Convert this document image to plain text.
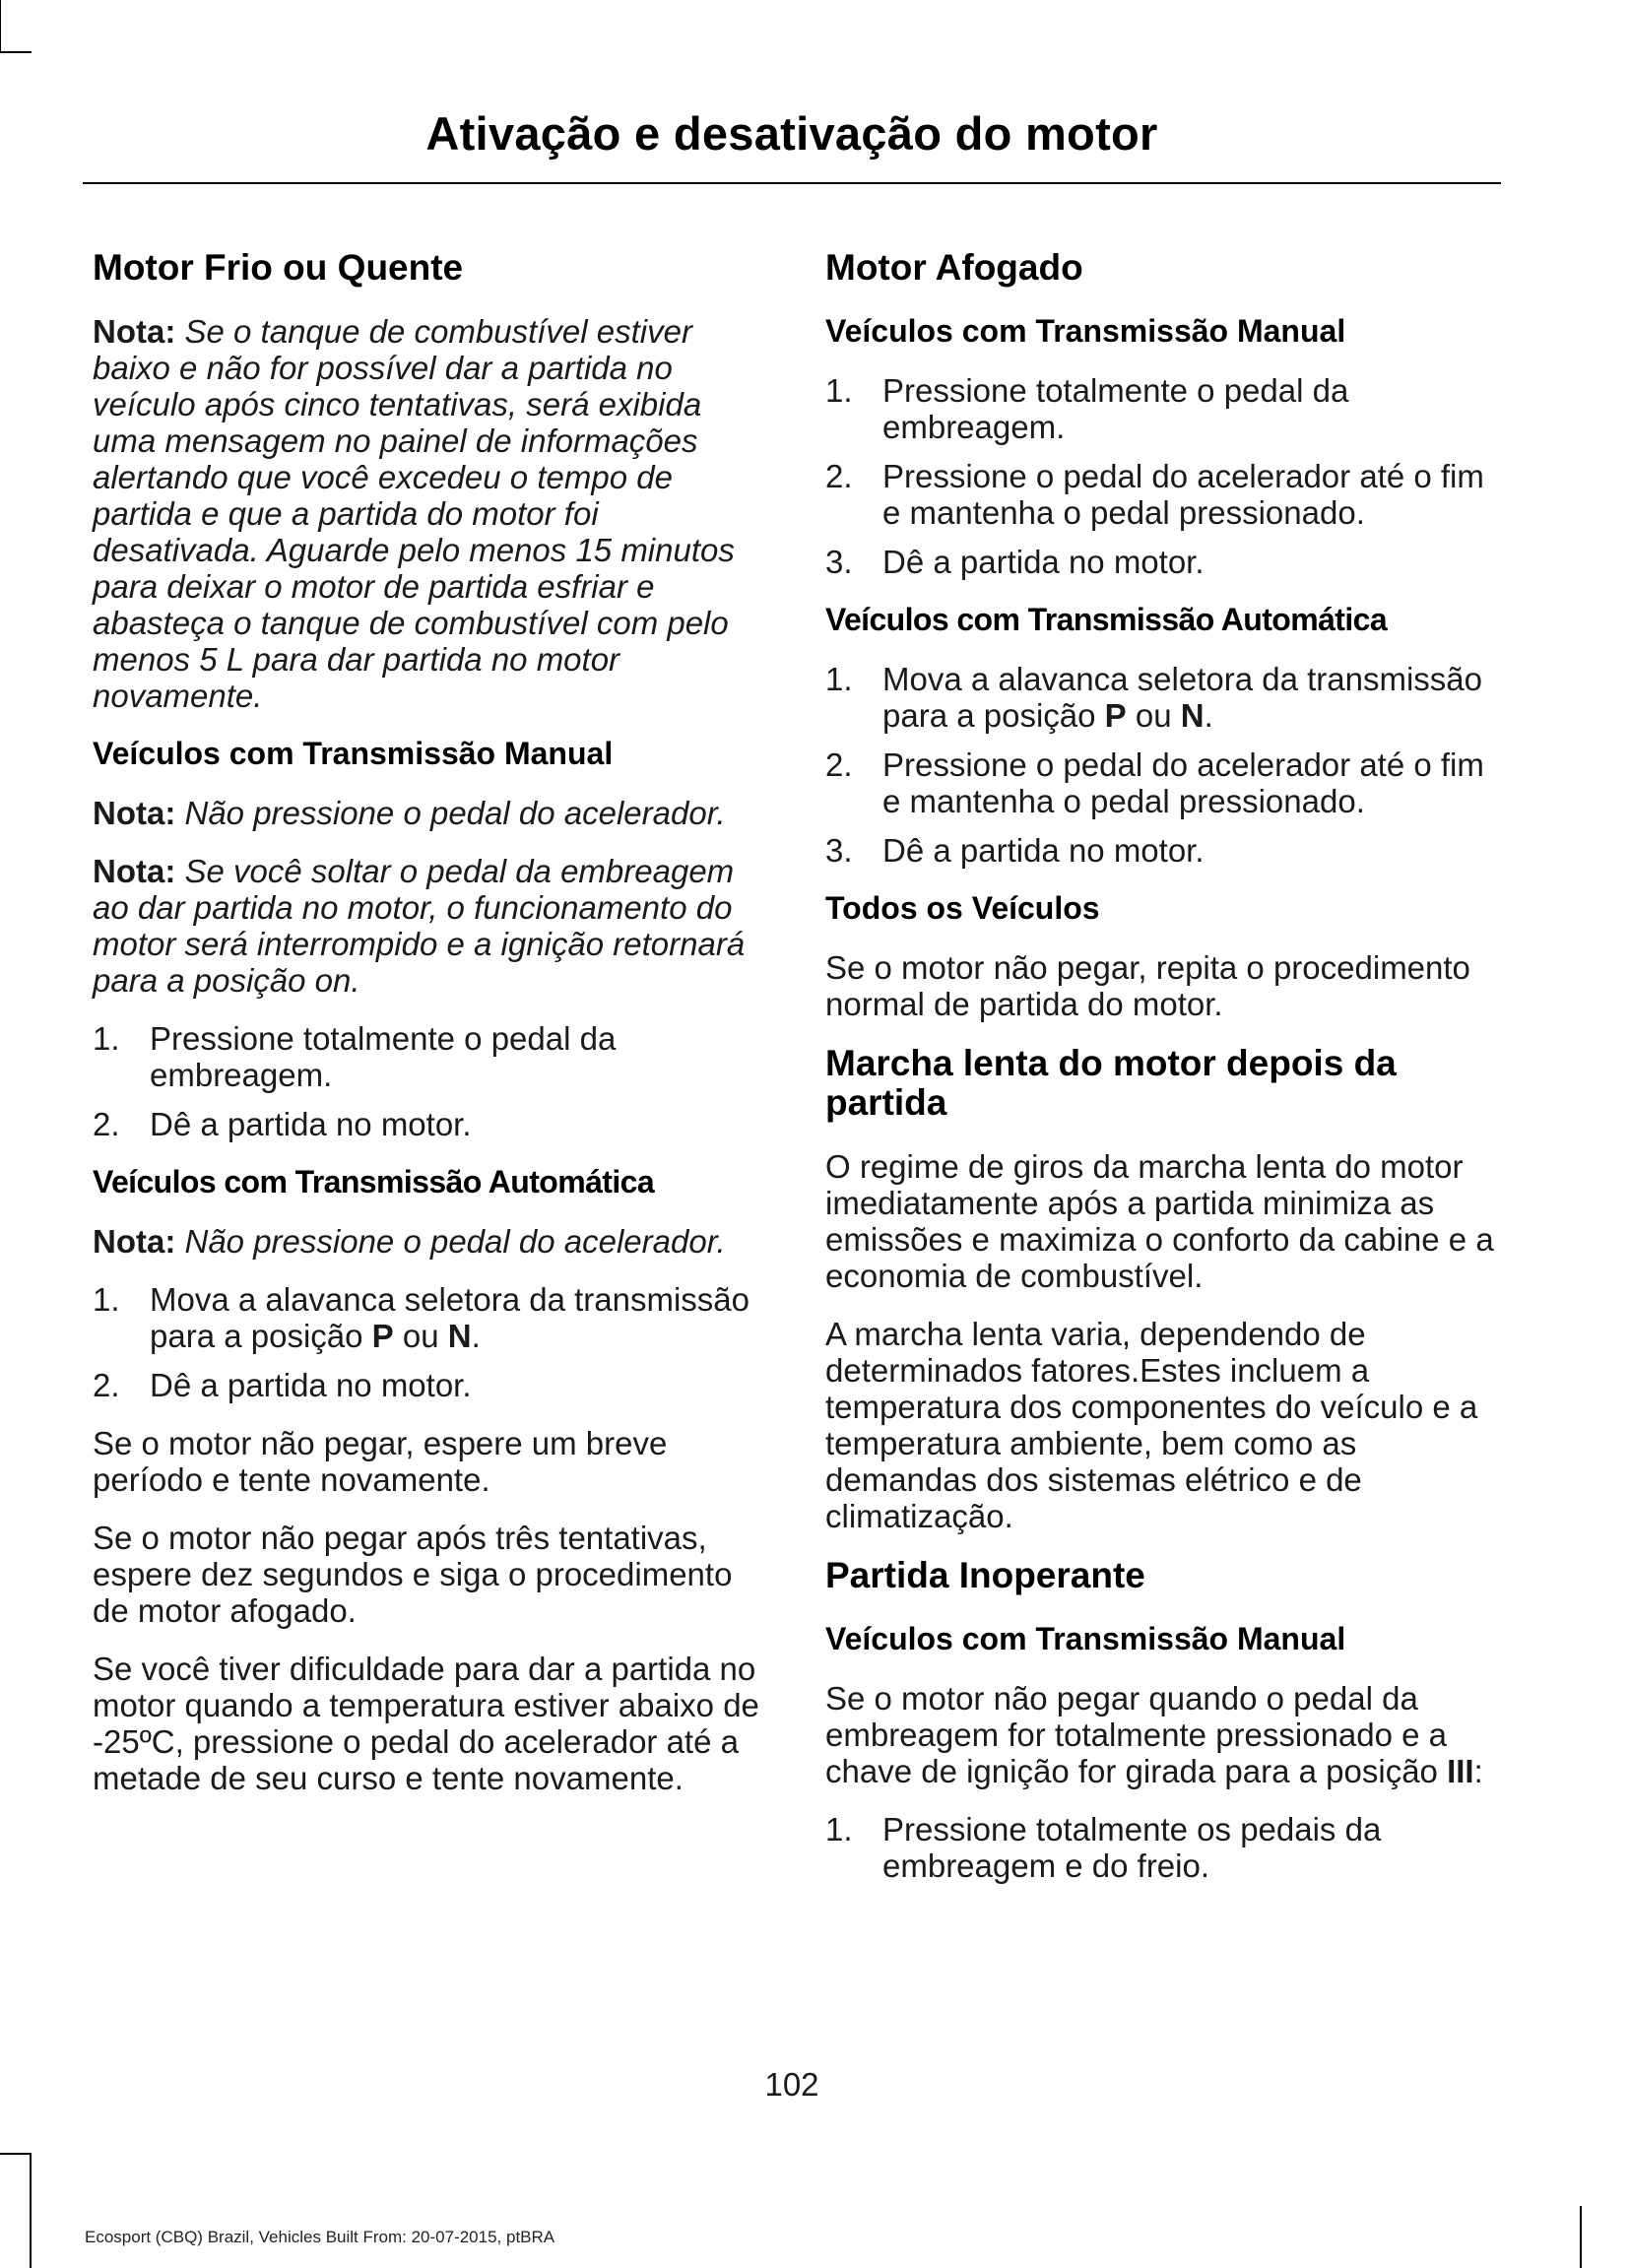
Ativação e desativação do motor
Motor Frio ou Quente

Nota: Se o tanque de combustível estiver baixo e não for possível dar a partida no veículo após cinco tentativas, será exibida uma mensagem no painel de informações alertando que você excedeu o tempo de partida e que a partida do motor foi desativada. Aguarde pelo menos 15 minutos para deixar o motor de partida esfriar e abasteça o tanque de combustível com pelo menos 5 L para dar partida no motor novamente.

Veículos com Transmissão Manual

Nota: Não pressione o pedal do acelerador.

Nota: Se você soltar o pedal da embreagem ao dar partida no motor, o funcionamento do motor será interrompido e a ignição retornará para a posição on.

1. Pressione totalmente o pedal da embreagem.
2. Dê a partida no motor.
Veículos com Transmissão Automática

Nota: Não pressione o pedal do acelerador.

1. Mova a alavanca seletora da transmissão para a posição P ou N.
2. Dê a partida no motor.

Se o motor não pegar, espere um breve período e tente novamente.

Se o motor não pegar após três tentativas, espere dez segundos e siga o procedimento de motor afogado.

Se você tiver dificuldade para dar a partida no motor quando a temperatura estiver abaixo de -25ºC, pressione o pedal do acelerador até a metade de seu curso e tente novamente.

Motor Afogado
Veículos com Transmissão Manual
1. Pressione totalmente o pedal da embreagem.
2. Pressione o pedal do acelerador até o fim e mantenha o pedal pressionado.
3. Dê a partida no motor.
Veículos com Transmissão Automática
1. Mova a alavanca seletora da transmissão para a posição P ou N.
2. Pressione o pedal do acelerador até o fim e mantenha o pedal pressionado.
3. Dê a partida no motor.
Todos os Veículos

Se o motor não pegar, repita o procedimento normal de partida do motor.

Marcha lenta do motor depois da partida

O regime de giros da marcha lenta do motor imediatamente após a partida minimiza as emissões e maximiza o conforto da cabine e a economia de combustível.

A marcha lenta varia, dependendo de determinados fatores.Estes incluem a temperatura dos componentes do veículo e a temperatura ambiente, bem como as demandas dos sistemas elétrico e de climatização.

Partida Inoperante
Veículos com Transmissão Manual

Se o motor não pegar quando o pedal da embreagem for totalmente pressionado e a chave de ignição for girada para a posição III:

1. Pressione totalmente os pedais da embreagem e do freio.
102
Ecosport (CBQ) Brazil, Vehicles Built From: 20-07-2015, ptBRA
